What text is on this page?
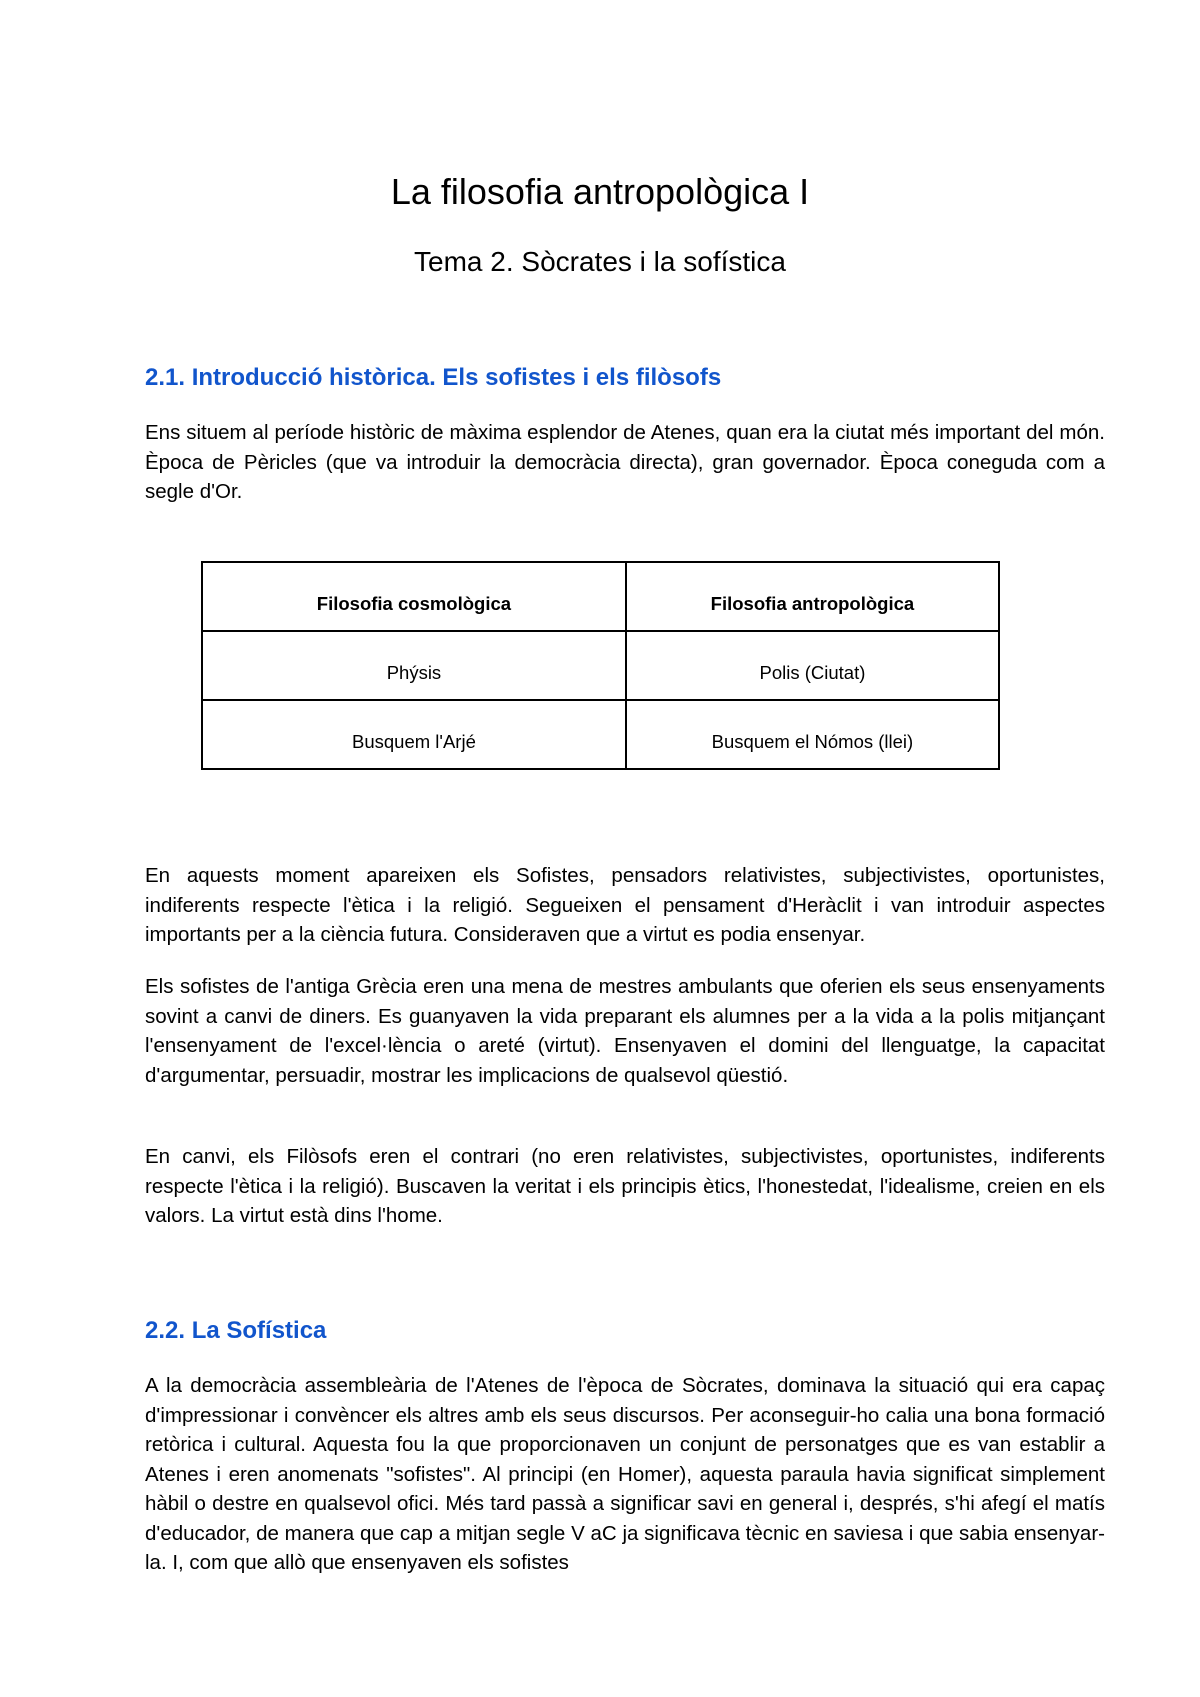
La filosofia antropològica I
Tema 2. Sòcrates i la sofística
2.1. Introducció històrica. Els sofistes i els filòsofs

Ens situem al període històric de màxima esplendor de Atenes, quan era la ciutat més important del món. Època de Pèricles (que va introduir la democràcia directa), gran governador. Època coneguda com a segle d'Or.

Filosofia cosmològica	Filosofia antropològica
Phýsis	Polis (Ciutat)
Busquem l'Arjé	Busquem el Nómos (llei)

En aquests moment apareixen els Sofistes, pensadors relativistes, subjectivistes, oportunistes, indiferents respecte l'ètica i la religió. Segueixen el pensament d'Heràclit i van introduir aspectes importants per a la ciència futura. Consideraven que a virtut es podia ensenyar.

Els sofistes de l'antiga Grècia eren una mena de mestres ambulants que oferien els seus ensenyaments sovint a canvi de diners. Es guanyaven la vida preparant els alumnes per a la vida a la polis mitjançant l'ensenyament de l'excel·lència o areté (virtut). Ensenyaven el domini del llenguatge, la capacitat d'argumentar, persuadir, mostrar les implicacions de qualsevol qüestió.

En canvi, els Filòsofs eren el contrari (no eren relativistes, subjectivistes, oportunistes, indiferents respecte l'ètica i la religió). Buscaven la veritat i els principis ètics, l'honestedat, l'idealisme, creien en els valors. La virtut està dins l'home.

2.2. La Sofística

A la democràcia assembleària de l'Atenes de l'època de Sòcrates, dominava la situació qui era capaç d'impressionar i convèncer els altres amb els seus discursos. Per aconseguir-ho calia una bona formació retòrica i cultural. Aquesta fou la que proporcionaven un conjunt de personatges que es van establir a Atenes i eren anomenats "sofistes". Al principi (en Homer), aquesta paraula havia significat simplement hàbil o destre en qualsevol ofici. Més tard passà a significar savi en general i, després, s'hi afegí el matís d'educador, de manera que cap a mitjan segle V aC ja significava tècnic en saviesa i que sabia ensenyar-la. I, com que allò que ensenyaven els sofistes
